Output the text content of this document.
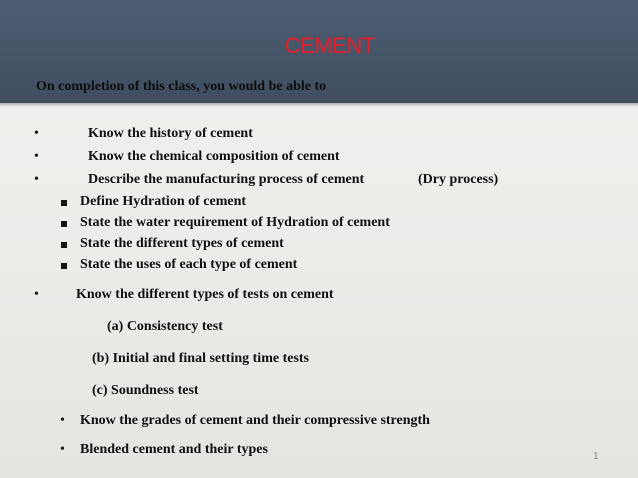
CEMENT
On completion of this class, you would be able to
•	Know the history of cement
•	Know the chemical composition of cement
•	Describe the manufacturing process of cement	(Dry process)
Define Hydration of cement
State the water requirement of Hydration of cement
State the different types of cement
State the uses of each type of cement
•	Know the different types of tests on cement
(a) Consistency test
(b) Initial and final setting time tests
(c) Soundness test
• Know the grades of cement and their compressive strength
• Blended cement and their types	1
